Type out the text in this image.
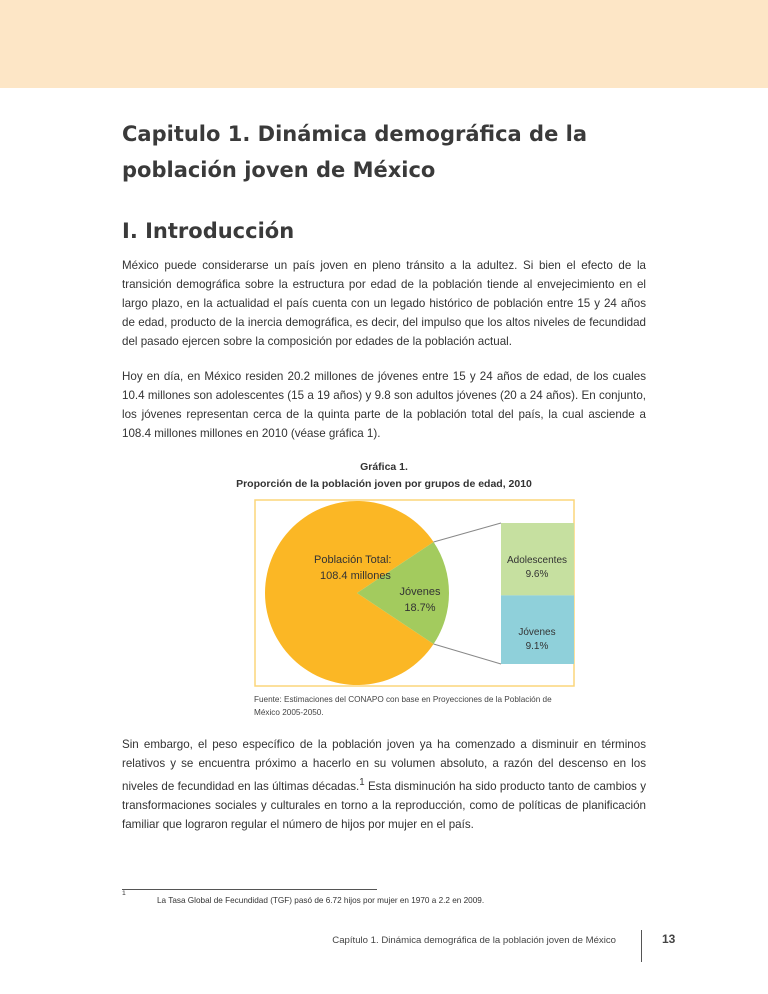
Capitulo 1. Dinámica demográfica de la población joven de México
I. Introducción

México puede considerarse un país joven en pleno tránsito a la adultez. Si bien el efecto de la transición demográfica sobre la estructura por edad de la población tiende al envejecimiento en el largo plazo, en la actualidad el país cuenta con un legado histórico de población entre 15 y 24 años de edad, producto de la inercia demográfica, es decir, del impulso que los altos niveles de fecundidad del pasado ejercen sobre la composición por edades de la población actual.

Hoy en día, en México residen 20.2 millones de jóvenes entre 15 y 24 años de edad, de los cuales 10.4 millones son adolescentes (15 a 19 años) y 9.8 son adultos jóvenes (20 a 24 años). En conjunto, los jóvenes representan cerca de la quinta parte de la población total del país, la cual asciende a 108.4 millones millones en 2010 (véase gráfica 1).

Gráfica 1.
Proporción de la población joven por grupos de edad, 2010
Población Total:
108.4 millones
Jóvenes
18.7%
Adolescentes
9.6%
Jóvenes
9.1%
Fuente: Estimaciones del CONAPO con base en Proyecciones de la Población de México 2005-2050.

Sin embargo, el peso específico de la población joven ya ha comenzado a disminuir en términos relativos y se encuentra próximo a hacerlo en su volumen absoluto, a razón del descenso en los niveles de fecundidad en las últimas décadas.$^1$ Esta disminución ha sido producto tanto de cambios y transformaciones sociales y culturales en torno a la reproducción, como de políticas de planificación familiar que lograron regular el número de hijos por mujer en el país.

1
La Tasa Global de Fecundidad (TGF) pasó de 6.72 hijos por mujer en 1970 a 2.2 en 2009.
Capítulo 1. Dinámica demográfica de la población joven de México	13
